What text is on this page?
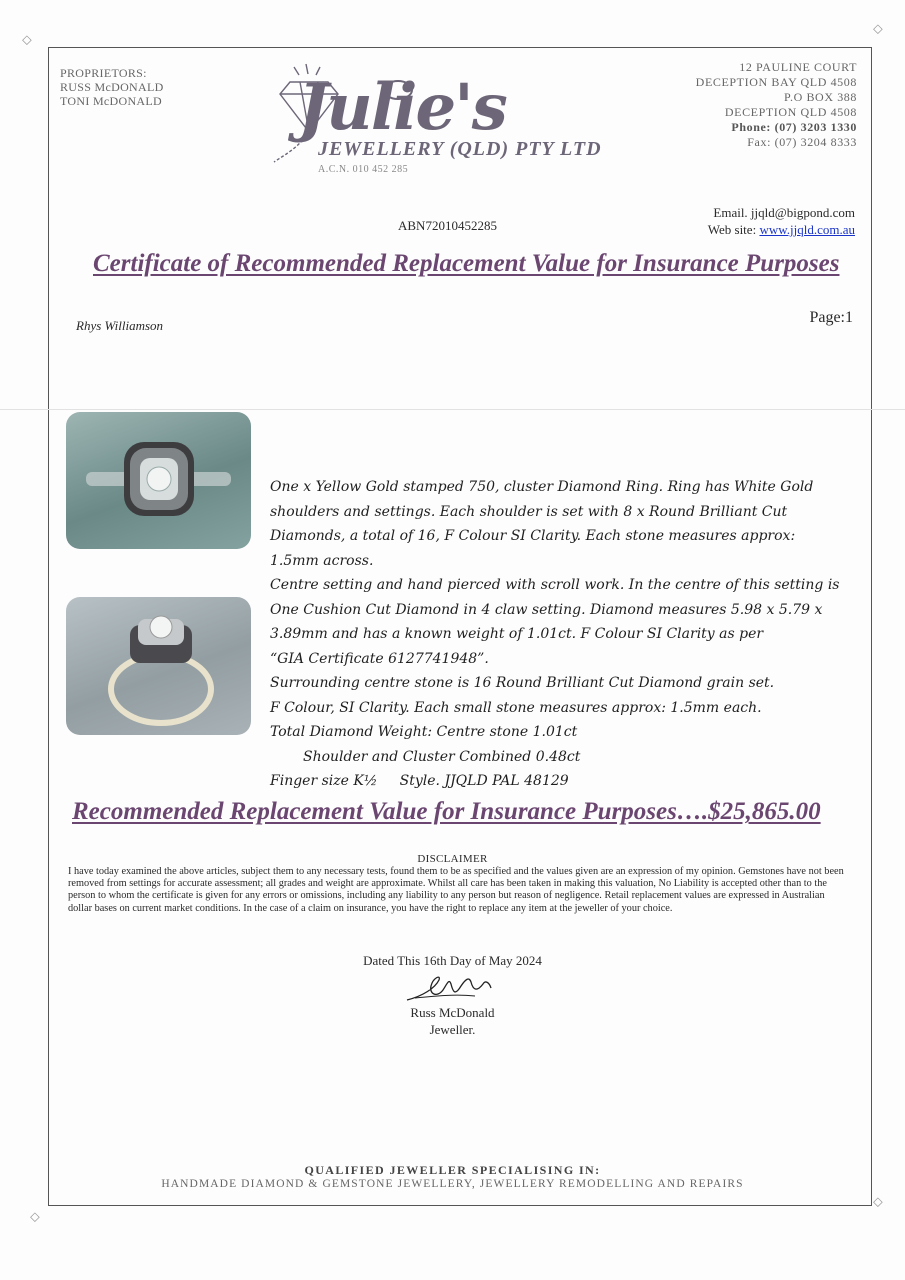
⬦
⬦
⬦
⬦
PROPRIETORS:
RUSS McDONALD
TONI McDONALD Julie's
JEWELLERY (QLD) PTY LTD
A.C.N. 010 452 285
12 PAULINE COURT
DECEPTION BAY QLD 4508
P.O BOX 388
DECEPTION QLD 4508
Phone: (07) 3203 1330
Fax: (07) 3204 8333
ABN72010452285
Email. jjqld@bigpond.com
Web site: www.jjqld.com.au
Certificate of Recommended Replacement Value for Insurance Purposes
Rhys Williamson	Page:1
One x Yellow Gold stamped 750, cluster Diamond Ring. Ring has White Gold
shoulders and settings. Each shoulder is set with 8 x Round Brilliant Cut
Diamonds, a total of 16, F Colour SI Clarity. Each stone measures approx:
1.5mm across.
Centre setting and hand pierced with scroll work. In the centre of this setting is
One Cushion Cut Diamond in 4 claw setting. Diamond measures 5.98 x 5.79 x
3.89mm and has a known weight of 1.01ct. F Colour SI Clarity as per
“GIA Certificate 6127741948”.
Surrounding centre stone is 16 Round Brilliant Cut Diamond grain set.
F Colour, SI Clarity. Each small stone measures approx: 1.5mm each.
Total Diamond Weight: Centre stone 1.01ct
Shoulder and Cluster Combined 0.48ct
Finger size K½ Style. JJQLD PAL 48129
Recommended Replacement Value for Insurance Purposes….$25,865.00
DISCLAIMER
I have today examined the above articles, subject them to any necessary tests, found them to be as specified and the values given are an expression of my opinion. Gemstones have not been removed from settings for accurate assessment; all grades and weight are approximate. Whilst all care has been taken in making this valuation, No Liability is accepted other than to the person to whom the certificate is given for any errors or omissions, including any liability to any person but reason of negligence. Retail replacement values are expressed in Australian dollar bases on current market conditions. In the case of a claim on insurance, you have the right to replace any item at the jeweller of your choice.
Dated This 16th Day of May 2024
Russ McDonald
Jeweller.
QUALIFIED JEWELLER SPECIALISING IN:
HANDMADE DIAMOND & GEMSTONE JEWELLERY, JEWELLERY REMODELLING AND REPAIRS
